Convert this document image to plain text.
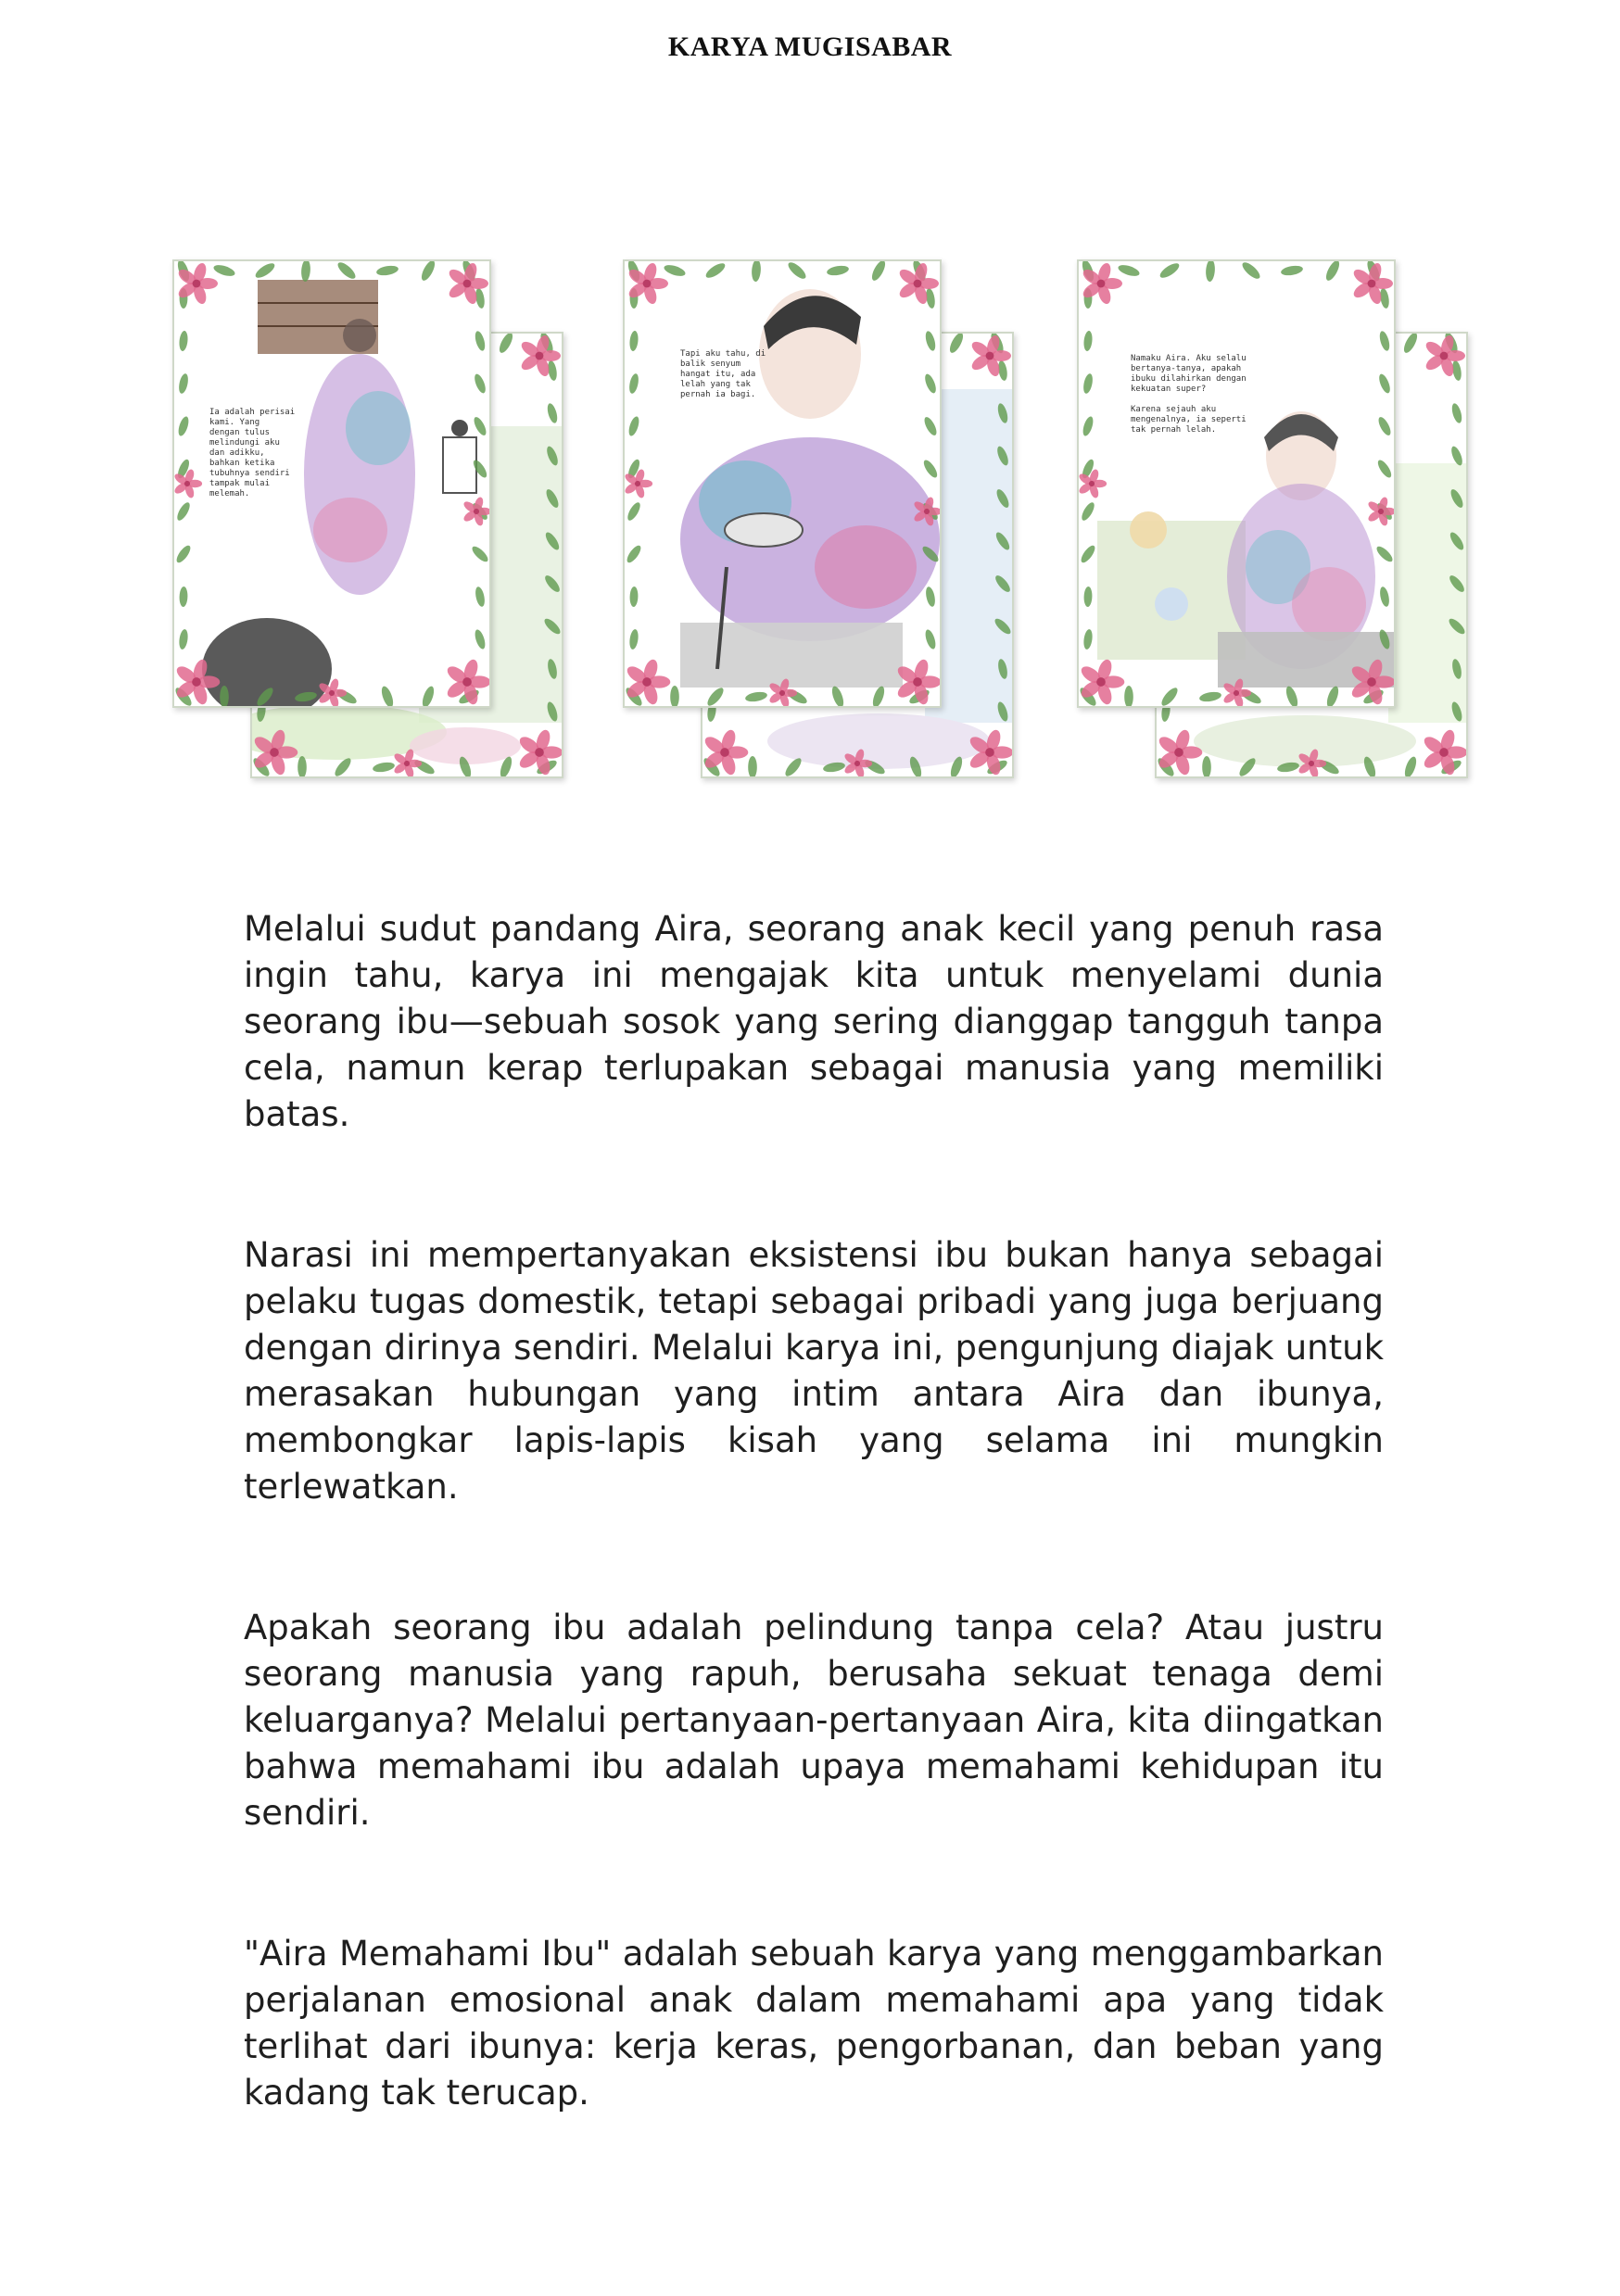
KARYA MUGISABAR
Ia adalah perisai
kami. Yang
dengan tulus
melindungi aku
dan adikku,
bahkan ketika
tubuhnya sendiri
tampak mulai
melemah.
Tapi aku tahu, di
balik senyum
hangat itu, ada
lelah yang tak
pernah ia bagi.
Namaku Aira. Aku selalu
bertanya-tanya, apakah
ibuku dilahirkan dengan
kekuatan super?

Karena sejauh aku
mengenalnya, ia seperti
tak pernah lelah.

Melalui sudut pandang Aira, seorang anak kecil yang penuh rasa ingin tahu, karya ini mengajak kita untuk menyelami dunia seorang ibu—sebuah sosok yang sering dianggap tangguh tanpa cela, namun kerap terlupakan sebagai manusia yang memiliki batas.

Narasi ini mempertanyakan eksistensi ibu bukan hanya sebagai pelaku tugas domestik, tetapi sebagai pribadi yang juga berjuang dengan dirinya sendiri. Melalui karya ini, pengunjung diajak untuk merasakan hubungan yang intim antara Aira dan ibunya, membongkar lapis-lapis kisah yang selama ini mungkin terlewatkan.

Apakah seorang ibu adalah pelindung tanpa cela? Atau justru seorang manusia yang rapuh, berusaha sekuat tenaga demi keluarganya? Melalui pertanyaan-pertanyaan Aira, kita diingatkan bahwa memahami ibu adalah upaya memahami kehidupan itu sendiri.

"Aira Memahami Ibu" adalah sebuah karya yang menggambarkan perjalanan emosional anak dalam memahami apa yang tidak terlihat dari ibunya: kerja keras, pengorbanan, dan beban yang kadang tak terucap.
